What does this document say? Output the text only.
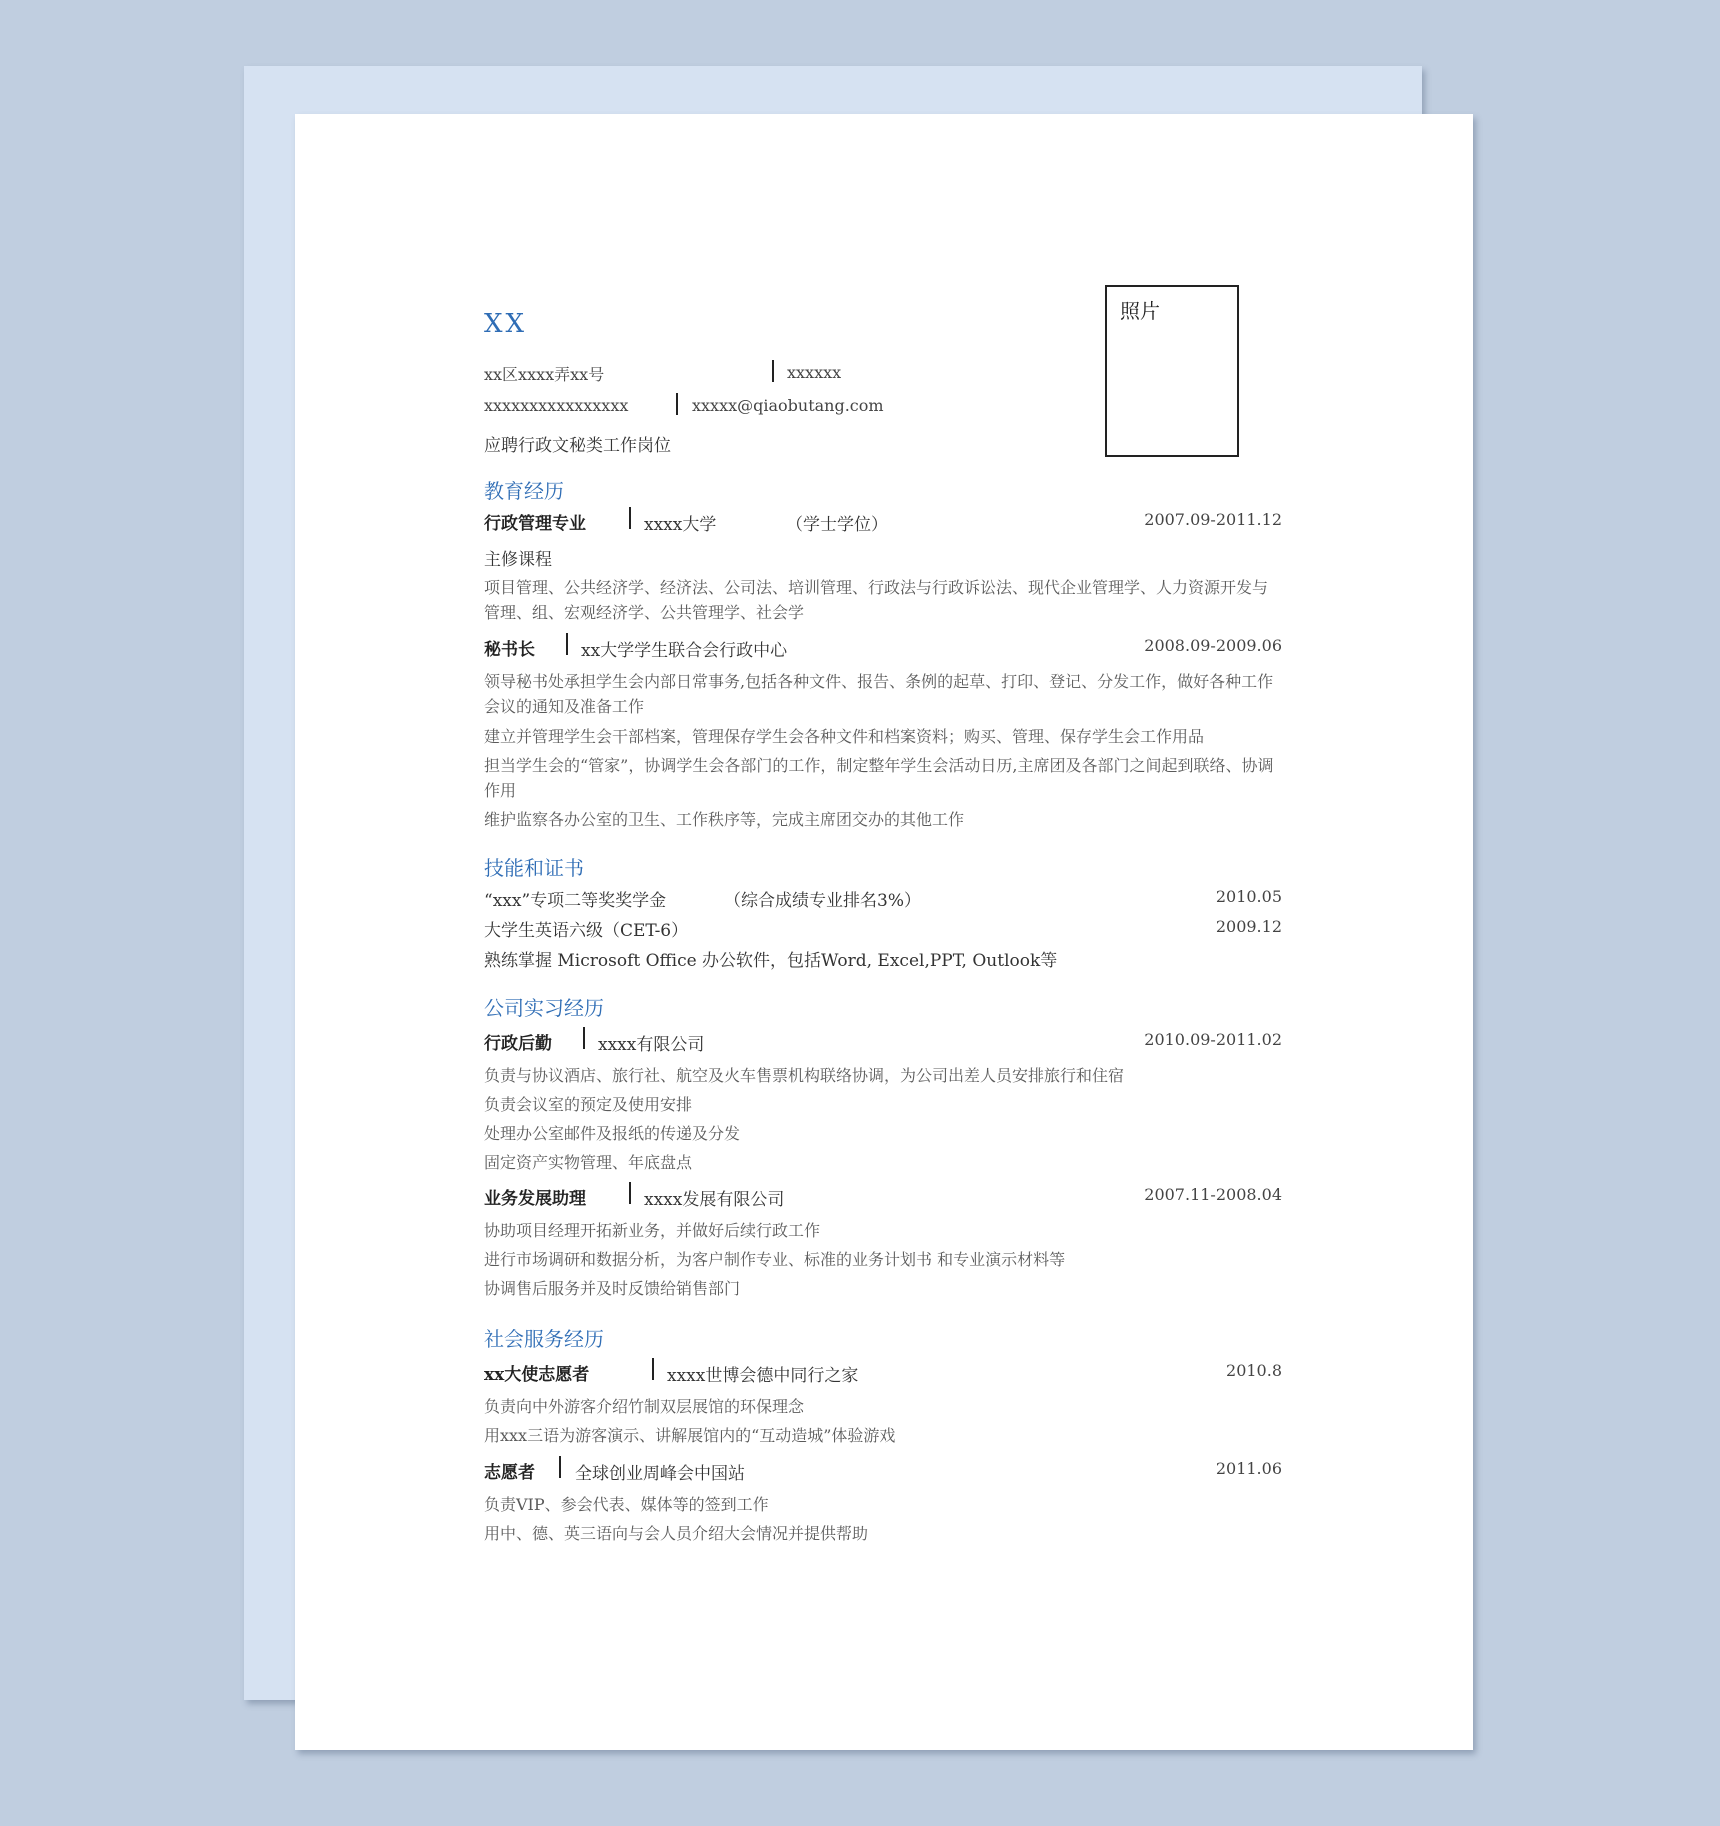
照片
XX
xx区xxxx弄xx号	xxxxxx
xxxxxxxxxxxxxxxx	xxxxx@qiaobutang.com
应聘行政文秘类工作岗位
教育经历
行政管理专业	xxxx大学	（学士学位）	2007.09-2011.12
主修课程
项目管理、公共经济学、经济法、公司法、培训管理、行政法与行政诉讼法、现代企业管理学、人力资源开发与管理、组、宏观经济学、公共管理学、社会学
秘书长	xx大学学生联合会行政中心	2008.09-2009.06
领导秘书处承担学生会内部日常事务,包括各种文件、报告、条例的起草、打印、登记、分发工作，做好各种工作会议的通知及准备工作
建立并管理学生会干部档案，管理保存学生会各种文件和档案资料；购买、管理、保存学生会工作用品
担当学生会的“管家”，协调学生会各部门的工作，制定整年学生会活动日历,主席团及各部门之间起到联络、协调作用
维护监察各办公室的卫生、工作秩序等，完成主席团交办的其他工作
技能和证书
“xxx”专项二等奖奖学金	（综合成绩专业排名3%）	2010.05
大学生英语六级（CET-6）	2009.12
熟练掌握 Microsoft Office 办公软件，包括Word, Excel,PPT, Outlook等
公司实习经历
行政后勤	xxxx有限公司	2010.09-2011.02
负责与协议酒店、旅行社、航空及火车售票机构联络协调，为公司出差人员安排旅行和住宿
负责会议室的预定及使用安排
处理办公室邮件及报纸的传递及分发
固定资产实物管理、年底盘点
业务发展助理	xxxx发展有限公司	2007.11-2008.04
协助项目经理开拓新业务，并做好后续行政工作
进行市场调研和数据分析，为客户制作专业、标准的业务计划书 和专业演示材料等
协调售后服务并及时反馈给销售部门
社会服务经历
xx大使志愿者	xxxx世博会德中同行之家	2010.8
负责向中外游客介绍竹制双层展馆的环保理念
用xxx三语为游客演示、讲解展馆内的“互动造城”体验游戏
志愿者 全球创业周峰会中国站	2011.06
负责VIP、参会代表、媒体等的签到工作
用中、德、英三语向与会人员介绍大会情况并提供帮助
